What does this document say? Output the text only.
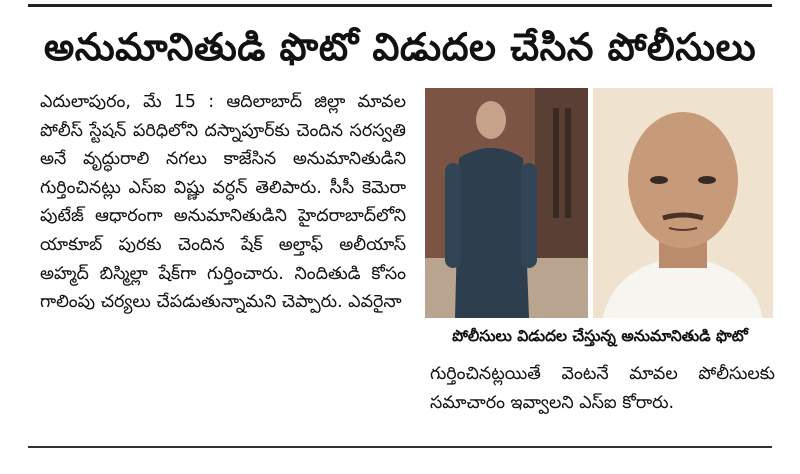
అనుమానితుడి ఫొటో విడుదల చేసిన పోలీసులు
ఎదులాపురం, మే 15 : ఆదిలాబాద్ జిల్లా మావల పోలీస్ స్టేషన్ పరిధిలోని దస్నాపూర్‌కు చెందిన సరస్వతి అనే వృద్ధురాలి నగలు కాజేసిన అనుమానితుడిని గుర్తించినట్లు ఎస్ఐ విష్ణు వర్ధన్ తెలిపారు. సీసీ కెమెరా పుటేజ్ ఆధారంగా అనుమానితుడిని హైదరాబాద్‌లోని యాకూబ్ పురకు చెందిన షేక్ అల్తాఫ్ అలీయాస్ అహ్మద్ బిస్మిల్లా షేక్‌గా గుర్తించారు. నిందితుడి కోసం గాలింపు చర్యలు చేపడుతున్నామని చెప్పారు. ఎవరైనా
పోలీసులు విడుదల చేస్తున్న అనుమానితుడి ఫొటో
గుర్తించినట్లయితే వెంటనే మావల పోలీసులకు సమాచారం ఇవ్వాలని ఎస్ఐ కోరారు.
